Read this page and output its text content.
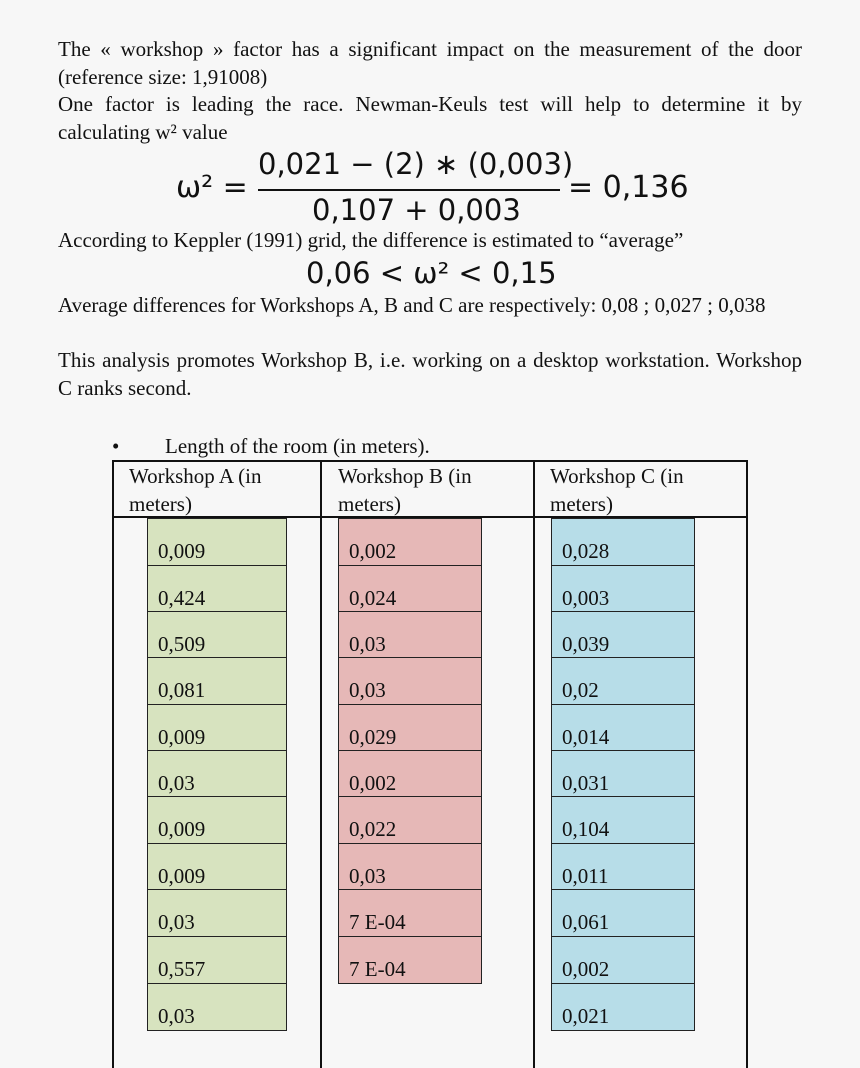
The « workshop » factor has a significant impact on the measurement of the door (reference size: 1,91008)

One factor is leading the race. Newman-Keuls test will help to determine it by calculating w² value

ω² =
0,021 − (2) ∗ (0,003)
0,107 + 0,003
= 0,136

According to Keppler (1991) grid, the difference is estimated to “average”

0,06 < ω² < 0,15

Average differences for Workshops A, B and C are respectively: 0,08 ; 0,027 ; 0,038

This analysis promotes Workshop B, i.e. working on a desktop workstation. Workshop C ranks second.

• Length of the room (in meters).
Workshop A (in
meters)
Workshop B (in
meters)
Workshop C (in
meters)
0,009
0,424
0,509
0,081
0,009
0,03
0,009
0,009
0,03
0,557
0,03
0,002
0,024
0,03
0,03
0,029
0,002
0,022
0,03
7 E-04
7 E-04
0,028
0,003
0,039
0,02
0,014
0,031
0,104
0,011
0,061
0,002
0,021
